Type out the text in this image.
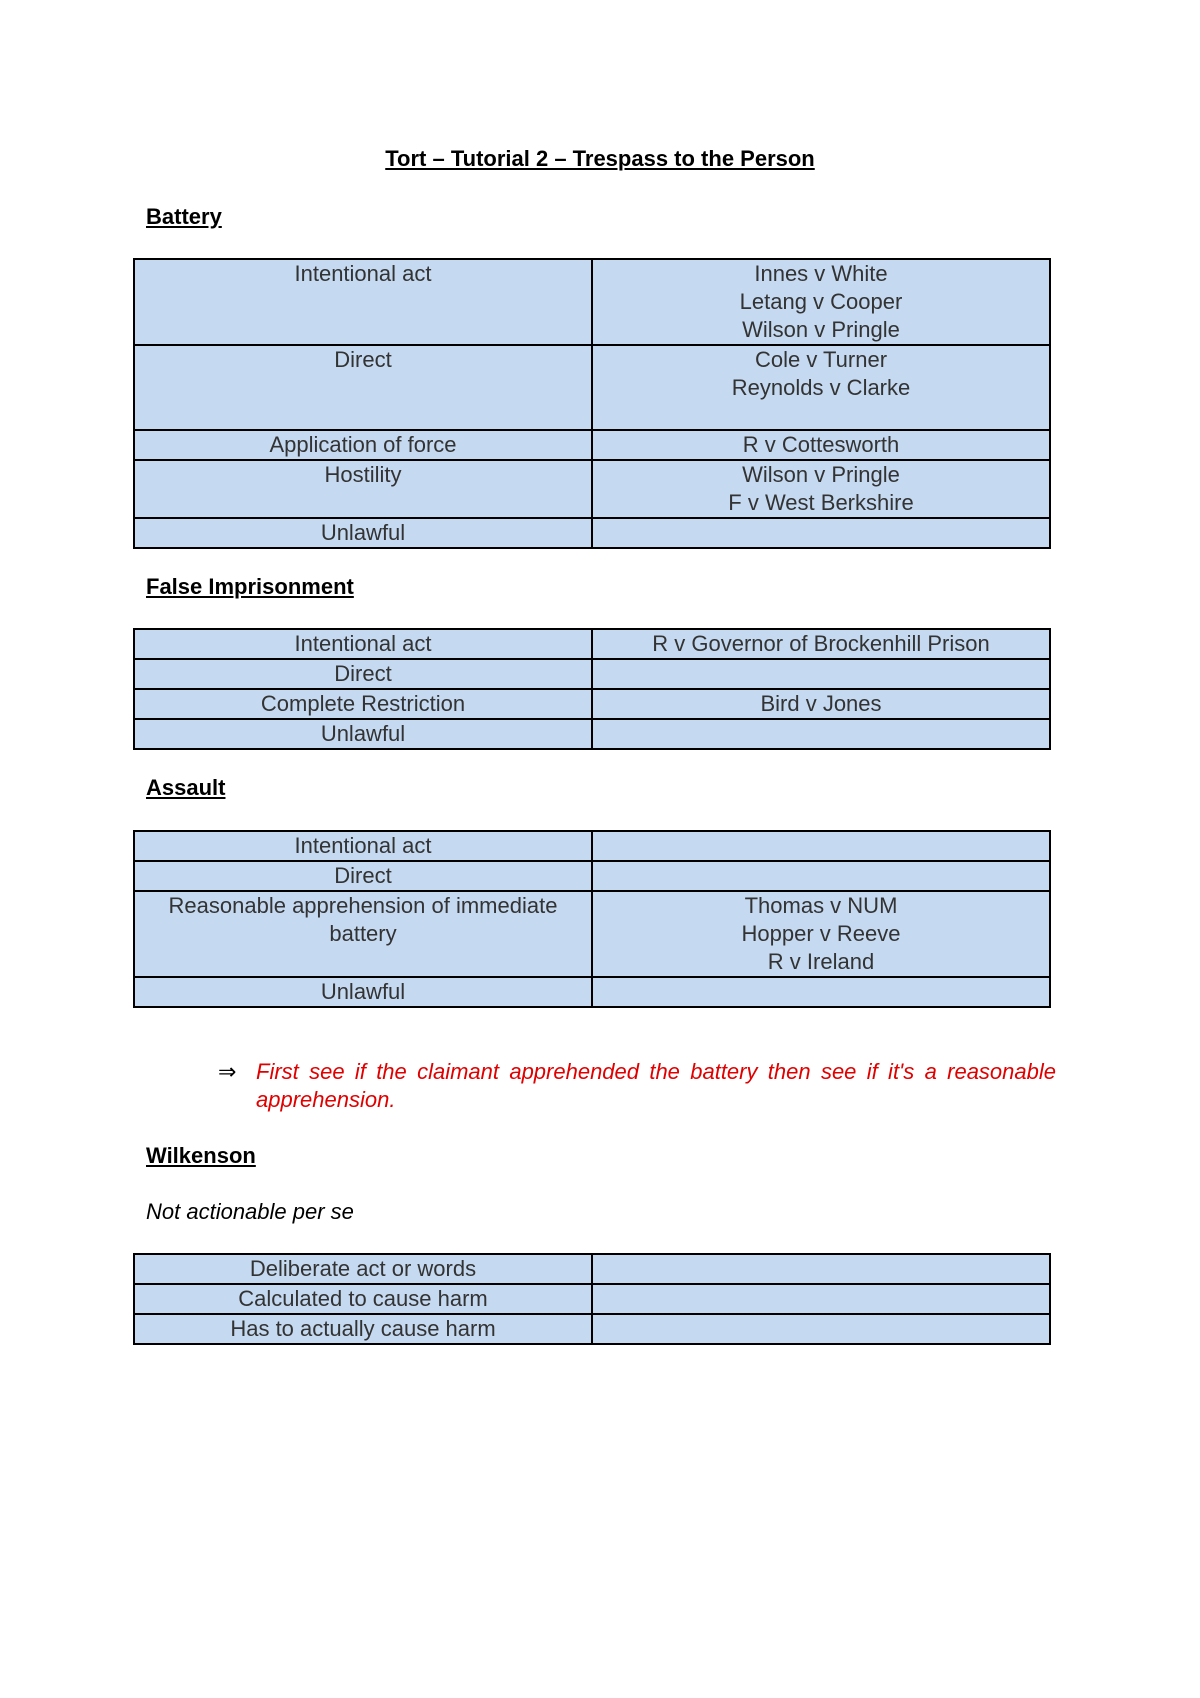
Tort – Tutorial 2 – Trespass to the Person
Battery
Intentional act	Innes v White
Letang v Cooper
Wilson v Pringle

Direct	Cole v Turner
Reynolds v Clarke

Application of force	R v Cottesworth

Hostility	Wilson v Pringle
F v West Berkshire

Unlawful	

False Imprisonment
Intentional act	R v Governor of Brockenhill Prison

Direct	

Complete Restriction	Bird v Jones

Unlawful	

Assault
Intentional act	

Direct	

Reasonable apprehension of immediate
battery	Thomas v NUM
Hopper v Reeve
R v Ireland

Unlawful	

⇒ First see if the claimant apprehended the battery then see if it's a reasonable apprehension.
Wilkenson
Not actionable per se
Deliberate act or words	

Calculated to cause harm	

Has to actually cause harm	
